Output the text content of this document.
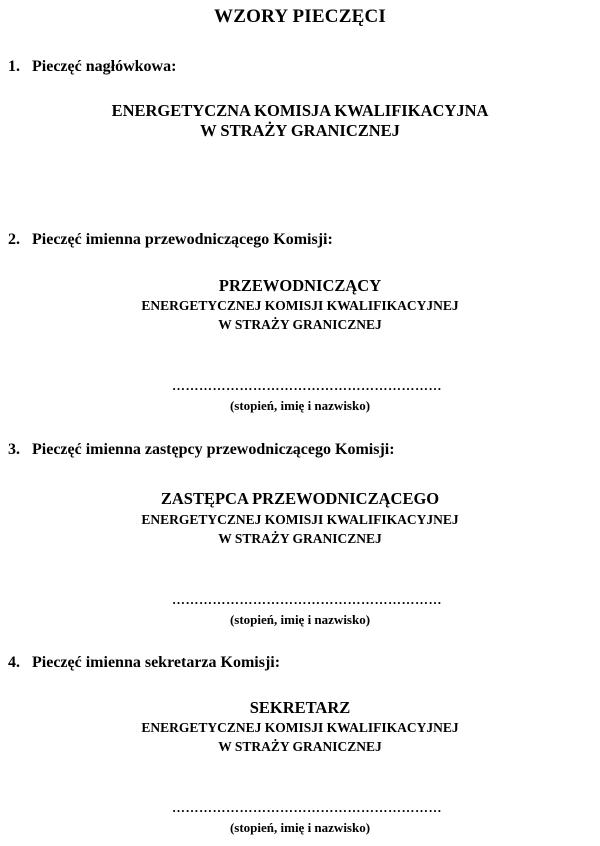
WZORY PIECZĘCI
1. Pieczęć nagłówkowa:
ENERGETYCZNA KOMISJA KWALIFIKACYJNA
W STRAŻY GRANICZNEJ
2. Pieczęć imienna przewodniczącego Komisji:
PRZEWODNICZĄCY
ENERGETYCZNEJ KOMISJI KWALIFIKACYJNEJ
W STRAŻY GRANICZNEJ
……………………………………………………
(stopień, imię i nazwisko)
3. Pieczęć imienna zastępcy przewodniczącego Komisji:
ZASTĘPCA PRZEWODNICZĄCEGO
ENERGETYCZNEJ KOMISJI KWALIFIKACYJNEJ
W STRAŻY GRANICZNEJ
……………………………………………………
(stopień, imię i nazwisko)
4. Pieczęć imienna sekretarza Komisji:
SEKRETARZ
ENERGETYCZNEJ KOMISJI KWALIFIKACYJNEJ
W STRAŻY GRANICZNEJ
……………………………………………………
(stopień, imię i nazwisko)
